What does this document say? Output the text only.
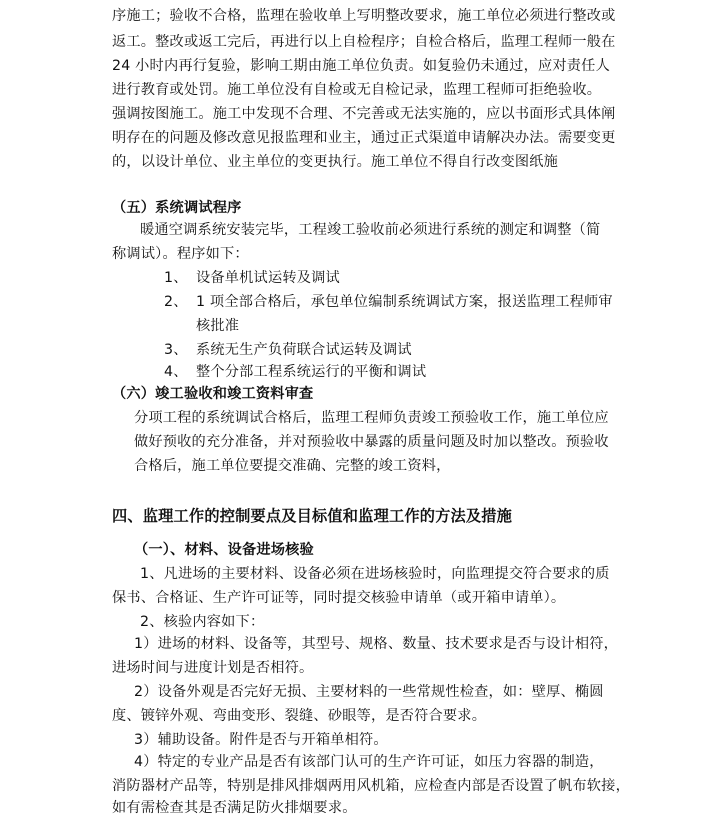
序施工；验收不合格，监理在验收单上写明整改要求，施工单位必须进行整改或
返工。整改或返工完后，再进行以上自检程序；自检合格后，监理工程师一般在
24 小时内再行复验，影响工期由施工单位负责。如复验仍未通过，应对责任人
进行教育或处罚。施工单位没有自检或无自检记录，监理工程师可拒绝验收。
强调按图施工。施工中发现不合理、不完善或无法实施的，应以书面形式具体阐
明存在的问题及修改意见报监理和业主，通过正式渠道申请解决办法。需要变更
的，以设计单位、业主单位的变更执行。施工单位不得自行改变图纸施
（五）系统调试程序
暖通空调系统安装完毕，工程竣工验收前必须进行系统的测定和调整（简
称调试）。程序如下：
1、 设备单机试运转及调试
2、 1 项全部合格后，承包单位编制系统调试方案，报送监理工程师审
核批准
3、 系统无生产负荷联合试运转及调试
4、 整个分部工程系统运行的平衡和调试
（六）竣工验收和竣工资料审查
分项工程的系统调试合格后，监理工程师负责竣工预验收工作，施工单位应
做好预收的充分准备，并对预验收中暴露的质量问题及时加以整改。预验收
合格后，施工单位要提交准确、完整的竣工资料，
四、监理工作的控制要点及目标值和监理工作的方法及措施
（一）、材料、设备进场核验
1、凡进场的主要材料、设备必须在进场核验时，向监理提交符合要求的质
保书、合格证、生产许可证等，同时提交核验申请单（或开箱申请单）。
2、核验内容如下：
1）进场的材料、设备等，其型号、规格、数量、技术要求是否与设计相符，
进场时间与进度计划是否相符。
2）设备外观是否完好无损、主要材料的一些常规性检查，如：壁厚、椭圆
度、镀锌外观、弯曲变形、裂缝、砂眼等，是否符合要求。
3）辅助设备。附件是否与开箱单相符。
4）特定的专业产品是否有该部门认可的生产许可证，如压力容器的制造，
消防器材产品等，特别是排风排烟两用风机箱，应检查内部是否设置了帆布软接，
如有需检查其是否满足防火排烟要求。
